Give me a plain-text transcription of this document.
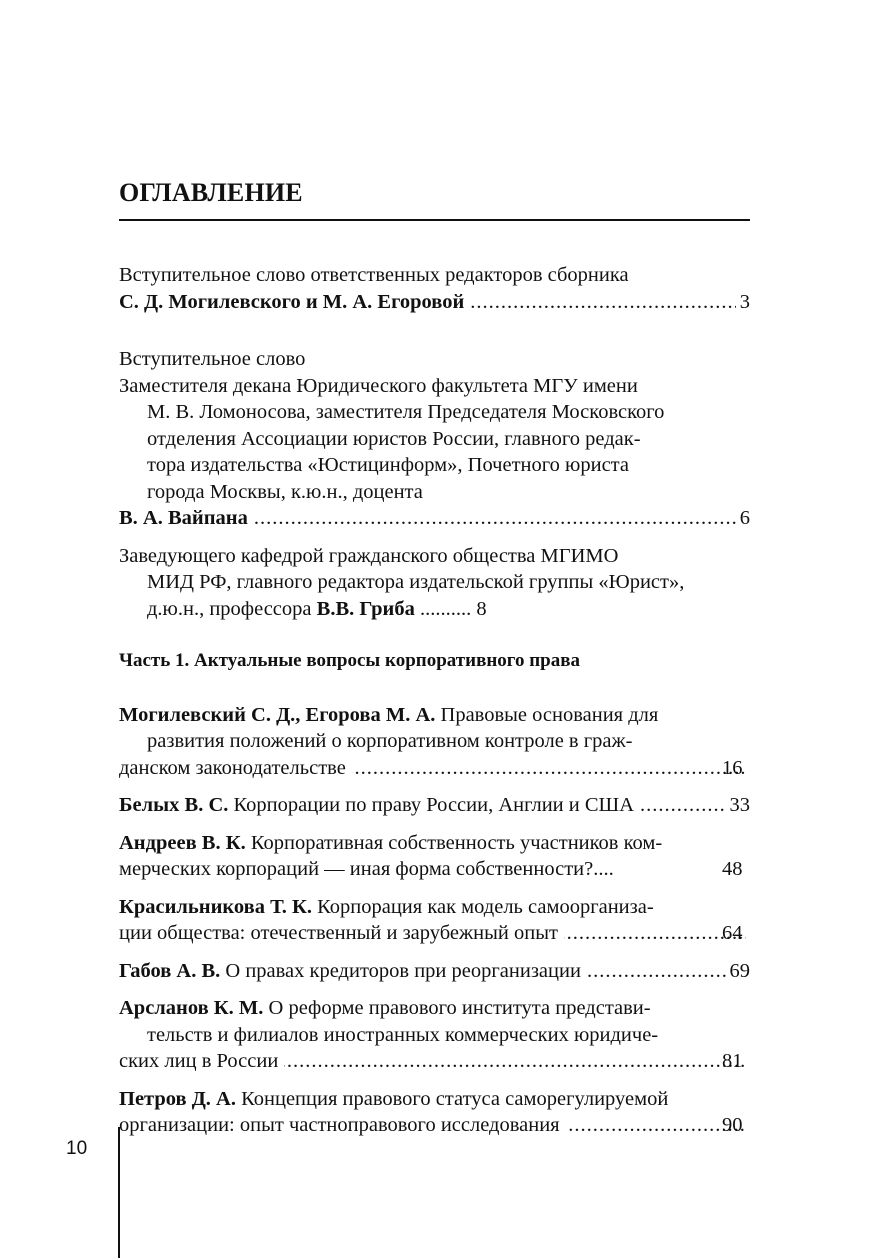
ОГЛАВЛЕНИЕ
Вступительное слово ответственных редакторов сборника
С. Д. Могилевского и М. А. Егоровой .....	3
Вступительное слово
Заместителя декана Юридического факультета МГУ имени
М. В. Ломоносова, заместителя Председателя Московского
отделения Ассоциации юристов России, главного редак-
тора издательства «Юстицинформ», Почетного юриста
города Москвы, к.ю.н., доцента
В. А. Вайпана .....	6
Заведующего кафедрой гражданского общества МГИМО
МИД РФ, главного редактора издательской группы «Юрист»,
д.ю.н., профессора В.В. Гриба .......... 8
Часть 1. Актуальные вопросы корпоративного права
Могилевский С. Д., Егорова М. А. Правовые основания для
развития положений о корпоративном контроле в граж-
данском законодательстве .....	16
Белых В. С. Корпорации по праву России, Англии и США .....	33
Андреев В. К. Корпоративная собственность участников ком-
мерческих корпораций — иная форма собственности?....	48
Красильникова Т. К. Корпорация как модель самоорганиза-
ции общества: отечественный и зарубежный опыт .....	64
Габов А. В. О правах кредиторов при реорганизации .....	69
Арсланов К. М. О реформе правового института представи-
тельств и филиалов иностранных коммерческих юридиче-
ских лиц в России .....	81
Петров Д. А. Концепция правового статуса саморегулируемой
организации: опыт частноправового исследования .....	90
10
